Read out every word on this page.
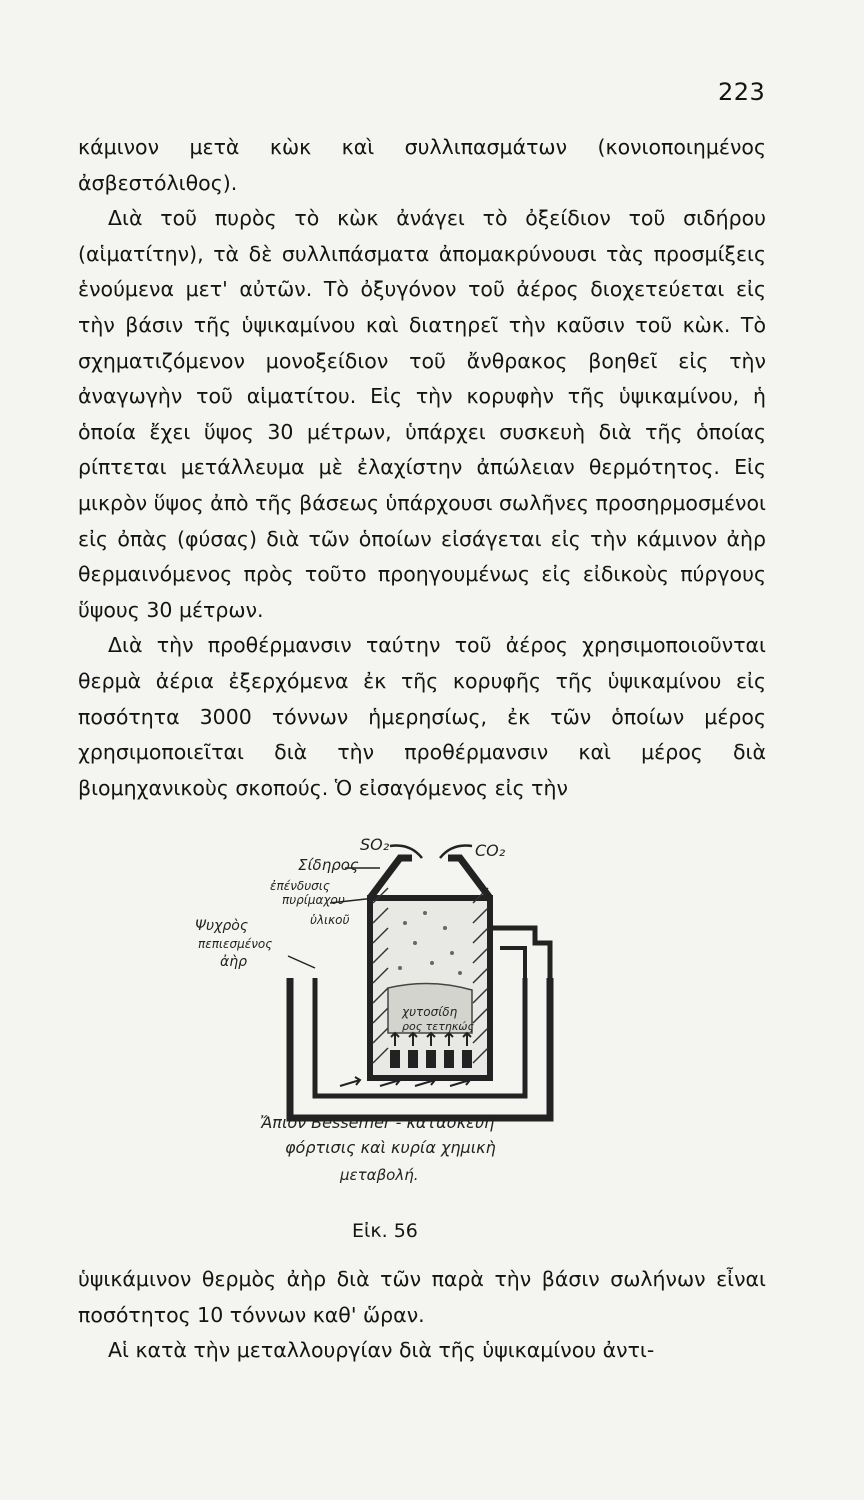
223

κάμινον μετὰ κὼκ καὶ συλλιπασμάτων (κονιοποιημένος ἀσβεστόλιθος).

Διὰ τοῦ πυρὸς τὸ κὼκ ἀνάγει τὸ ὀξείδιον τοῦ σιδήρου (αἱματίτην), τὰ δὲ συλλιπάσματα ἀπομακρύνουσι τὰς προσμίξεις ἑνούμενα μετ' αὐτῶν. Τὸ ὀξυγόνον τοῦ ἀέρος διοχετεύεται εἰς τὴν βάσιν τῆς ὑψικαμίνου καὶ διατηρεῖ τὴν καῦσιν τοῦ κὼκ. Τὸ σχηματιζόμενον μονοξείδιον τοῦ ἄνθρακος βοηθεῖ εἰς τὴν ἀναγωγὴν τοῦ αἱματίτου. Εἰς τὴν κορυφὴν τῆς ὑψικαμίνου, ἡ ὁποία ἔχει ὕψος 30 μέτρων, ὑπάρχει συσκευὴ διὰ τῆς ὁποίας ρίπτεται μετάλλευμα μὲ ἐλαχίστην ἀπώλειαν θερμότητος. Εἰς μικρὸν ὕψος ἀπὸ τῆς βάσεως ὑπάρχουσι σωλῆνες προσηρμοσμένοι εἰς ὀπὰς (φύσας) διὰ τῶν ὁποίων εἰσάγεται εἰς τὴν κάμινον ἀὴρ θερμαινόμενος πρὸς τοῦτο προηγουμένως εἰς εἰδικοὺς πύργους ὕψους 30 μέτρων.

Διὰ τὴν προθέρμανσιν ταύτην τοῦ ἀέρος χρησιμοποιοῦνται θερμὰ ἀέρια ἐξερχόμενα ἐκ τῆς κορυφῆς τῆς ὑψικαμίνου εἰς ποσότητα 3000 τόννων ἡμερησίως, ἐκ τῶν ὁποίων μέρος χρησιμοποιεῖται διὰ τὴν προθέρμανσιν καὶ μέρος διὰ βιομηχανικοὺς σκοπούς. Ὁ εἰσαγόμενος εἰς τὴν

SO₂	CO₂
Σίδηρος
ἐπένδυσις
πυρίμαχου
ὑλικοῦ
Ψυχρὸς
πεπιεσμένος
ἀὴρ
χυτοσίδη
ρος τετηκώς
Ἄπιον Bessemer - κατασκευὴ
φόρτισις καὶ κυρία χημικὴ
μεταβολή.
Εἰκ. 56

ὑψικάμινον θερμὸς ἀὴρ διὰ τῶν παρὰ τὴν βάσιν σωλήνων εἶναι ποσότητος 10 τόννων καθ' ὥραν.

Αἱ κατὰ τὴν μεταλλουργίαν διὰ τῆς ὑψικαμίνου ἀντι-
